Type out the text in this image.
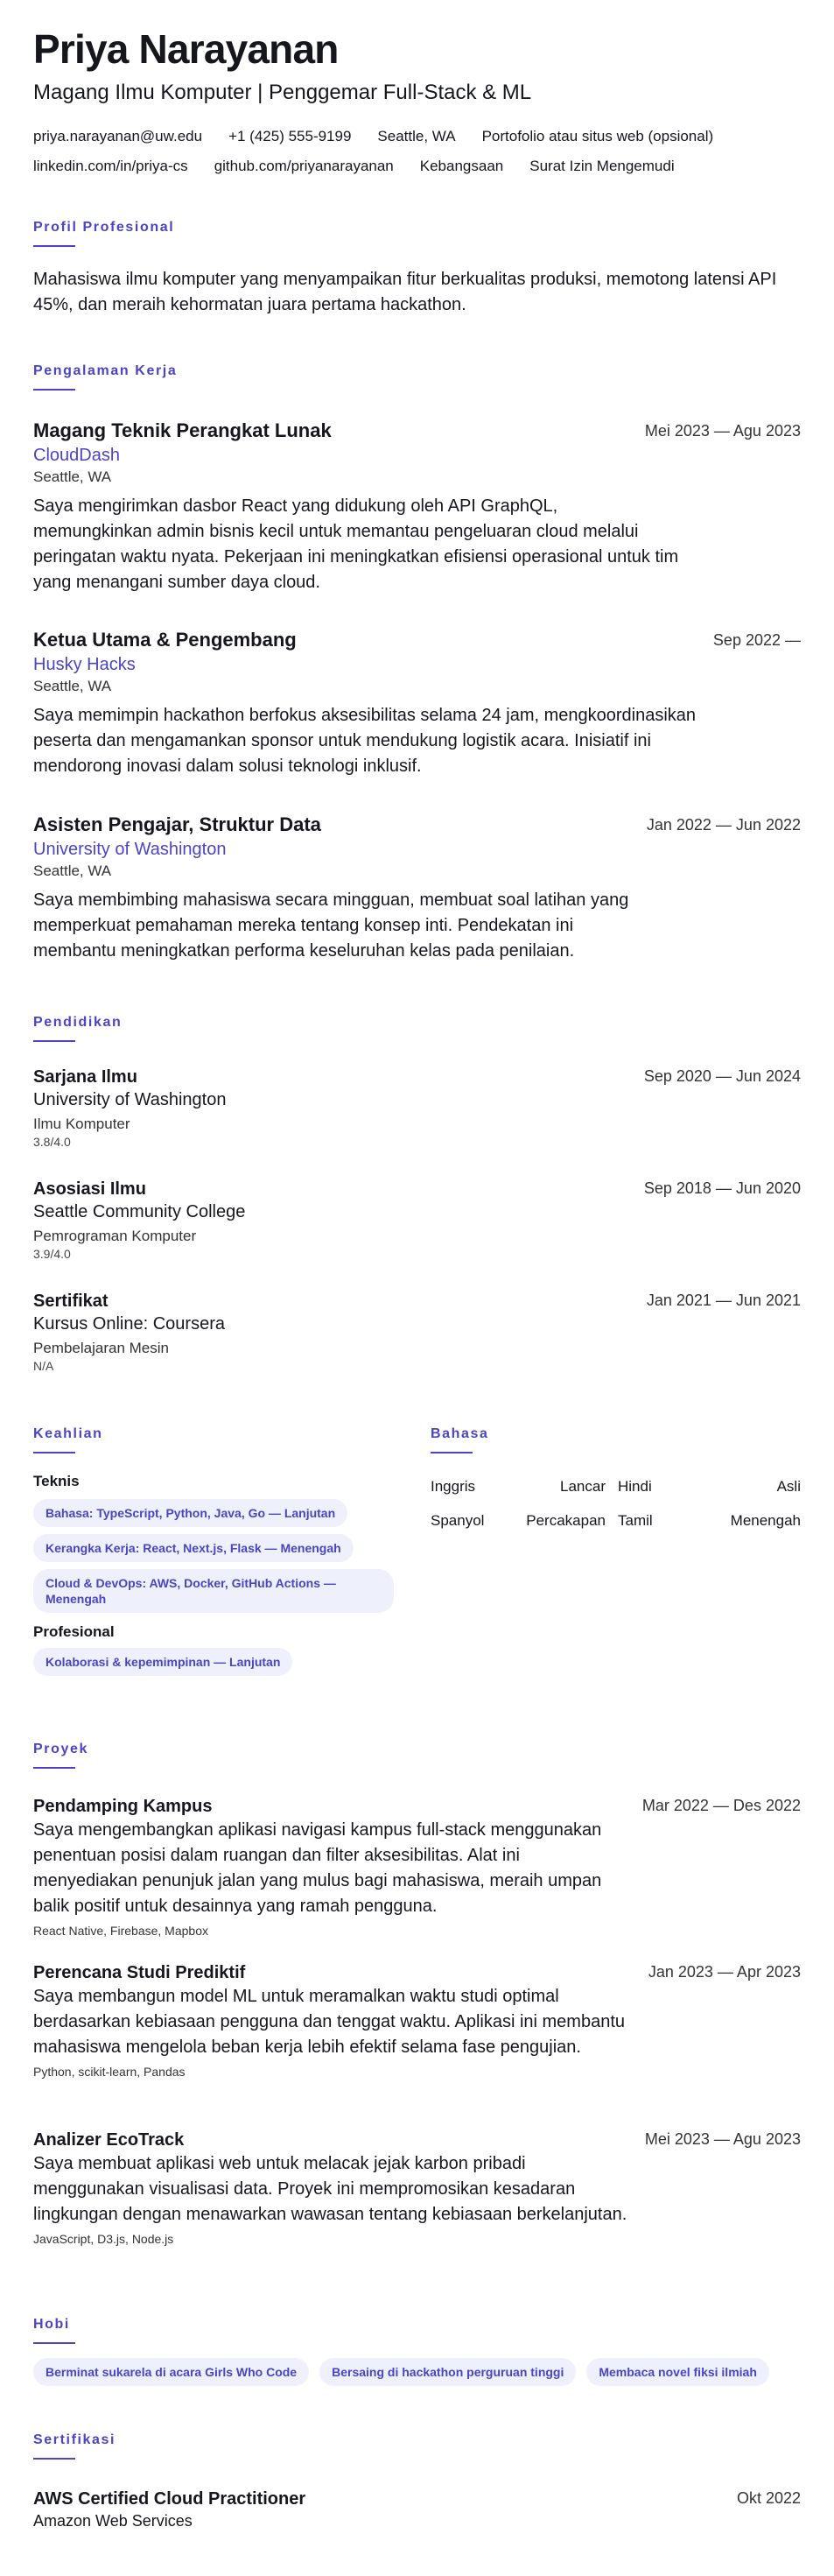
Priya Narayanan
Magang Ilmu Komputer | Penggemar Full-Stack & ML
priya.narayanan@uw.edu +1 (425) 555-9199 Seattle, WA Portofolio atau situs web (opsional)
linkedin.com/in/priya-cs github.com/priyanarayanan Kebangsaan Surat Izin Mengemudi
Profil Profesional
Mahasiswa ilmu komputer yang menyampaikan fitur berkualitas produksi, memotong latensi API 45%, dan meraih kehormatan juara pertama hackathon.
Pengalaman Kerja
Magang Teknik Perangkat Lunak
CloudDash
Seattle, WA
Saya mengirimkan dasbor React yang didukung oleh API GraphQL, memungkinkan admin bisnis kecil untuk memantau pengeluaran cloud melalui peringatan waktu nyata. Pekerjaan ini meningkatkan efisiensi operasional untuk tim yang menangani sumber daya cloud.
Mei 2023 — Agu 2023
Ketua Utama & Pengembang
Husky Hacks
Seattle, WA
Saya memimpin hackathon berfokus aksesibilitas selama 24 jam, mengkoordinasikan peserta dan mengamankan sponsor untuk mendukung logistik acara. Inisiatif ini mendorong inovasi dalam solusi teknologi inklusif.
Sep 2022 —
Asisten Pengajar, Struktur Data
University of Washington
Seattle, WA
Saya membimbing mahasiswa secara mingguan, membuat soal latihan yang memperkuat pemahaman mereka tentang konsep inti. Pendekatan ini membantu meningkatkan performa keseluruhan kelas pada penilaian.
Jan 2022 — Jun 2022
Pendidikan
Sarjana Ilmu
University of Washington
Ilmu Komputer
3.8/4.0
Sep 2020 — Jun 2024
Asosiasi Ilmu
Seattle Community College
Pemrograman Komputer
3.9/4.0
Sep 2018 — Jun 2020
Sertifikat
Kursus Online: Coursera
Pembelajaran Mesin
N/A
Jan 2021 — Jun 2021
Keahlian
Teknis
Bahasa: TypeScript, Python, Java, Go — Lanjutan
Kerangka Kerja: React, Next.js, Flask — Menengah
Cloud & DevOps: AWS, Docker, GitHub Actions — Menengah
Profesional
Kolaborasi & kepemimpinan — Lanjutan
Bahasa
Inggris	Lancar Hindi	Asli
Spanyol	Percakapan Tamil	Menengah
Proyek
Pendamping Kampus
Saya mengembangkan aplikasi navigasi kampus full-stack menggunakan penentuan posisi dalam ruangan dan filter aksesibilitas. Alat ini menyediakan penunjuk jalan yang mulus bagi mahasiswa, meraih umpan balik positif untuk desainnya yang ramah pengguna.
React Native, Firebase, Mapbox
Mar 2022 — Des 2022
Perencana Studi Prediktif
Saya membangun model ML untuk meramalkan waktu studi optimal berdasarkan kebiasaan pengguna dan tenggat waktu. Aplikasi ini membantu mahasiswa mengelola beban kerja lebih efektif selama fase pengujian.
Python, scikit-learn, Pandas
Jan 2023 — Apr 2023
Analizer EcoTrack
Saya membuat aplikasi web untuk melacak jejak karbon pribadi menggunakan visualisasi data. Proyek ini mempromosikan kesadaran lingkungan dengan menawarkan wawasan tentang kebiasaan berkelanjutan.
JavaScript, D3.js, Node.js
Mei 2023 — Agu 2023
Hobi
Berminat sukarela di acara Girls Who Code	Bersaing di hackathon perguruan tinggi	Membaca novel fiksi ilmiah
Sertifikasi
AWS Certified Cloud Practitioner
Amazon Web Services
Okt 2022
